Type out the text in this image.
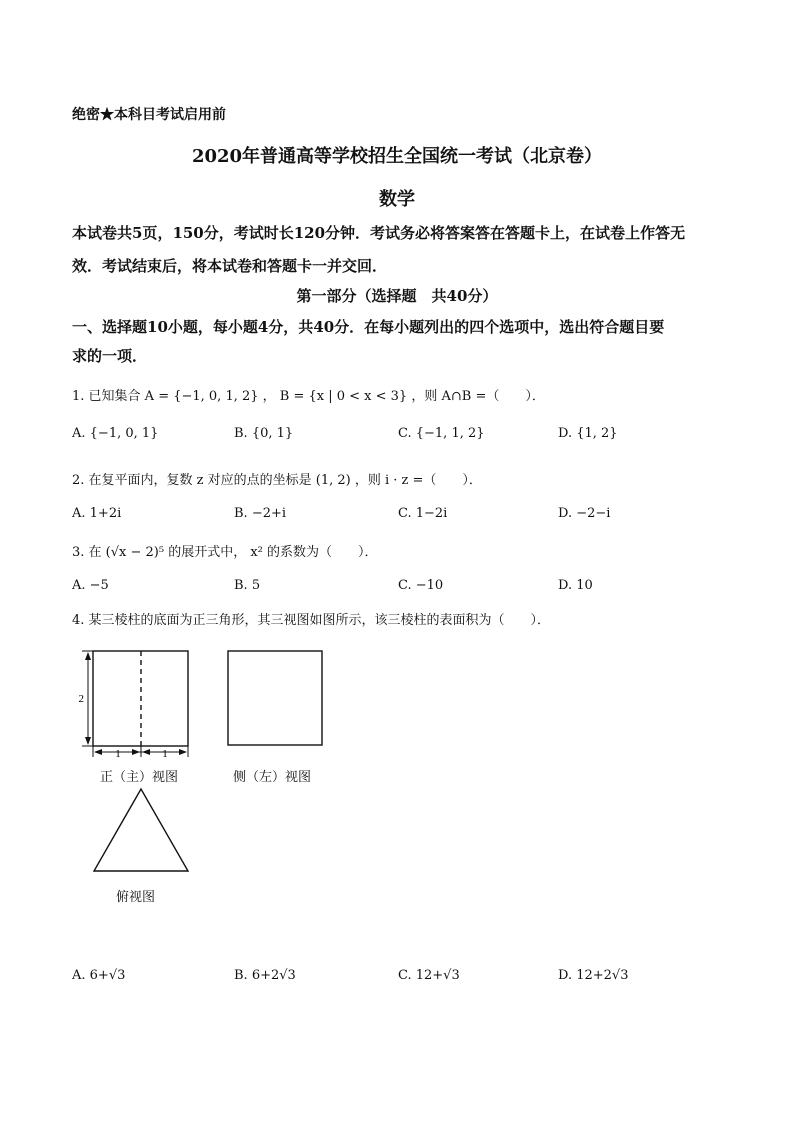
绝密★本科目考试启用前
2020年普通高等学校招生全国统一考试（北京卷）
数学
本试卷共5页，150分，考试时长120分钟．考试务必将答案答在答题卡上，在试卷上作答无
效．考试结束后，将本试卷和答题卡一并交回．
第一部分（选择题　共40分）
一、选择题10小题，每小题4分，共40分．在每小题列出的四个选项中，选出符合题目要
求的一项．
1. 已知集合 A = {−1, 0, 1, 2} ， B = {x | 0 < x < 3} ，则 A∩B =（　　）．
A. {−1, 0, 1}	B. {0, 1}	C. {−1, 1, 2}	D. {1, 2}
2. 在复平面内，复数 z 对应的点的坐标是 (1, 2) ，则 i · z =（　　）．
A. 1+2i	B. −2+i	C. 1−2i	D. −2−i
3. 在 (√x − 2)⁵ 的展开式中， x² 的系数为（　　）．
A. −5	B. 5	C. −10	D. 10
4. 某三棱柱的底面为正三角形，其三视图如图所示，该三棱柱的表面积为（　　）．
2
1	1
正（主）视图	侧（左）视图
俯视图
A. 6+√3	B. 6+2√3	C. 12+√3	D. 12+2√3
